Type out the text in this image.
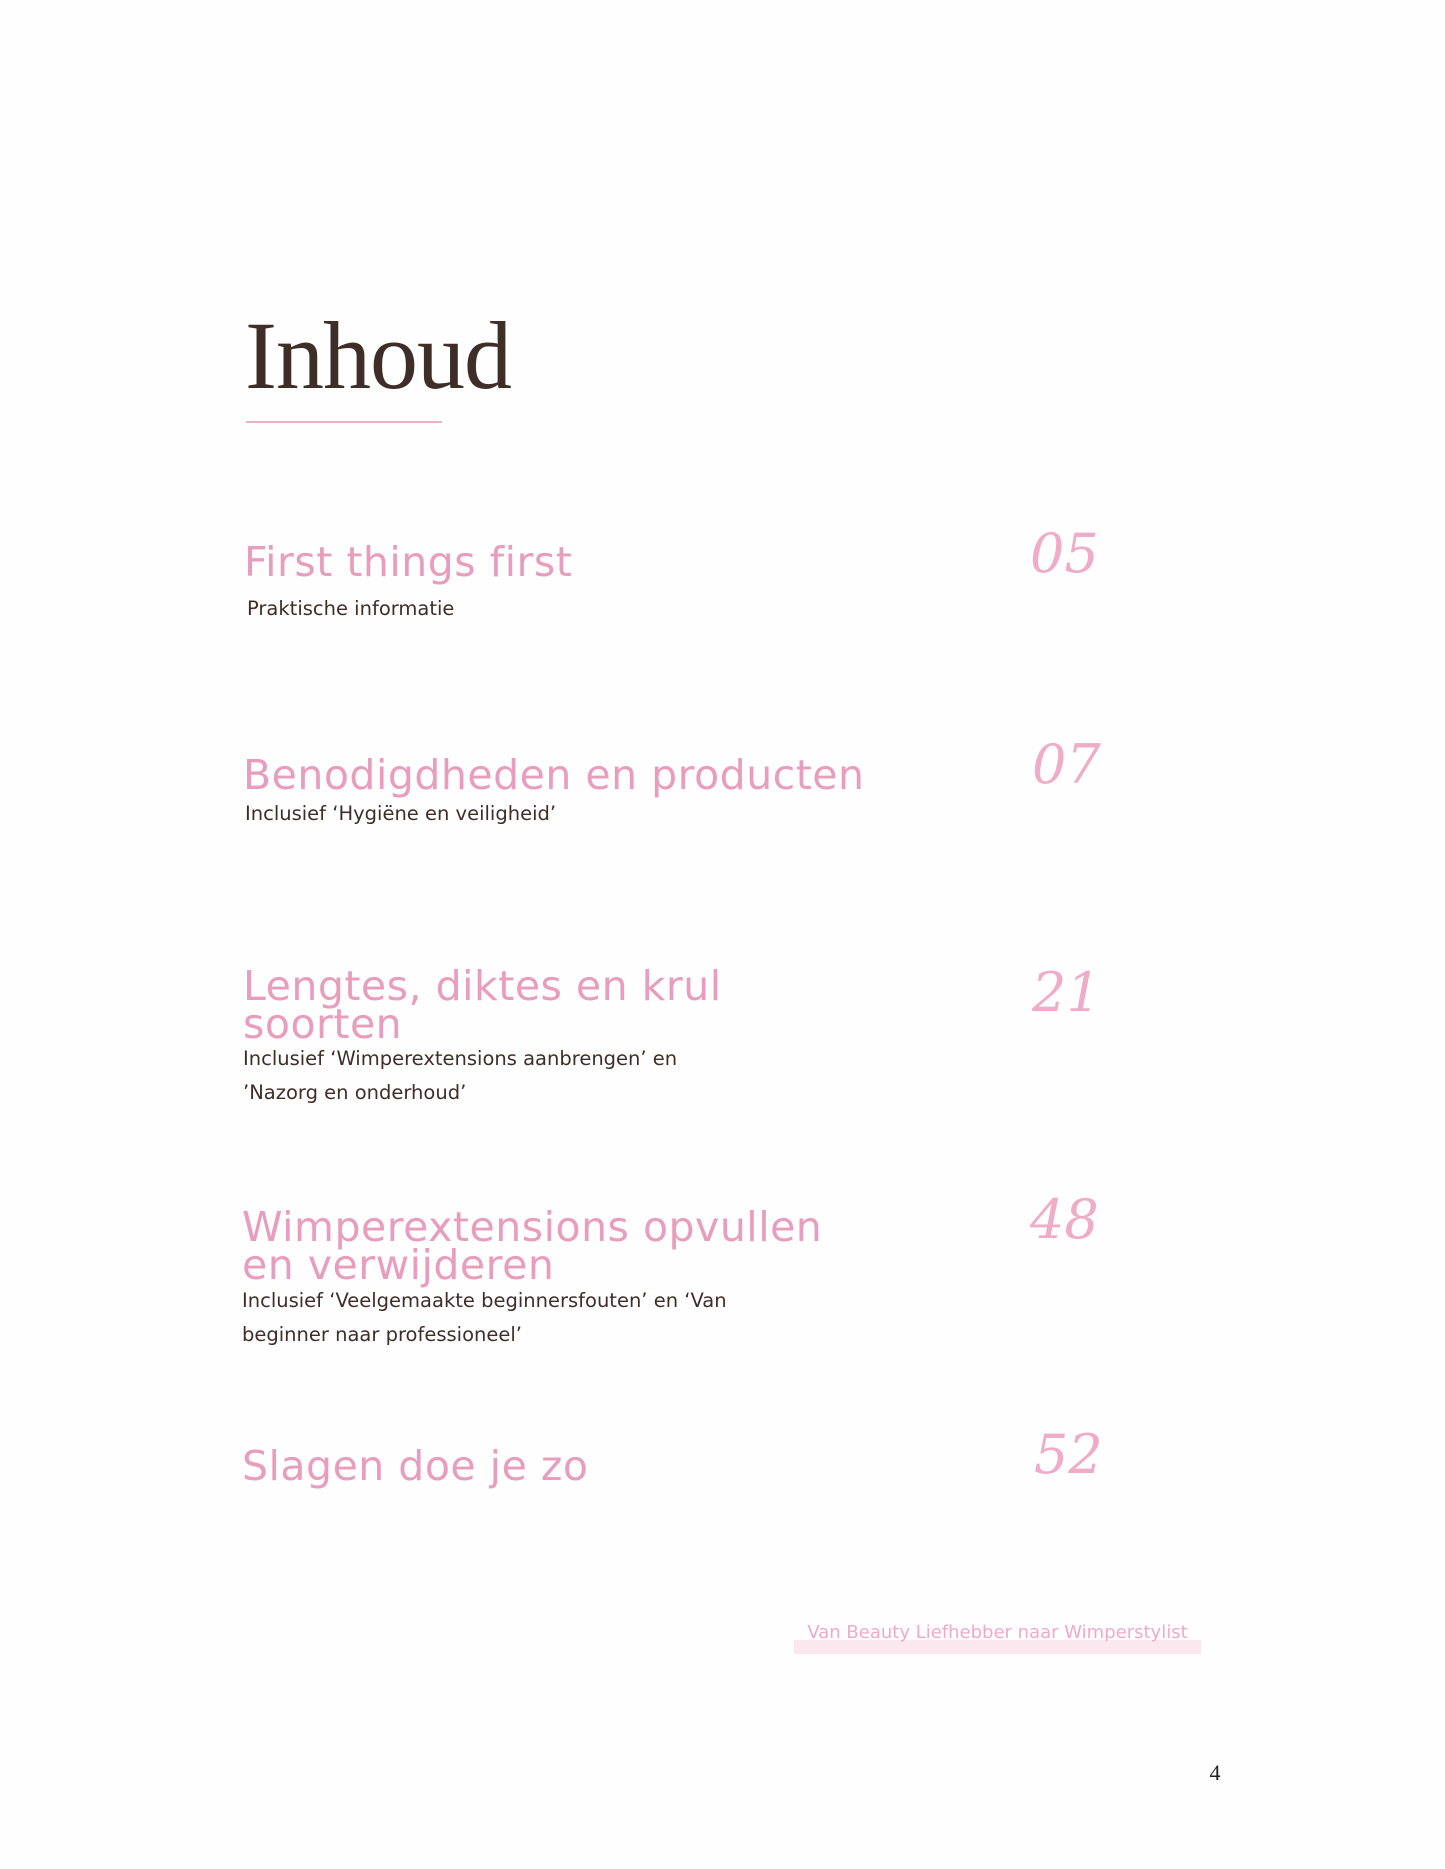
Inhoud

First things first

Praktische informatie

05

Benodigdheden en producten

Inclusief ‘Hygiëne en veiligheid’

07

Lengtes, diktes en krul

soorten

Inclusief ‘Wimperextensions aanbrengen’ en

’Nazorg en onderhoud’

21

Wimperextensions opvullen

en verwijderen

Inclusief ‘Veelgemaakte beginnersfouten’ en ‘Van

beginner naar professioneel’

48

Slagen doe je zo	52

Van Beauty Liefhebber naar Wimperstylist
4
